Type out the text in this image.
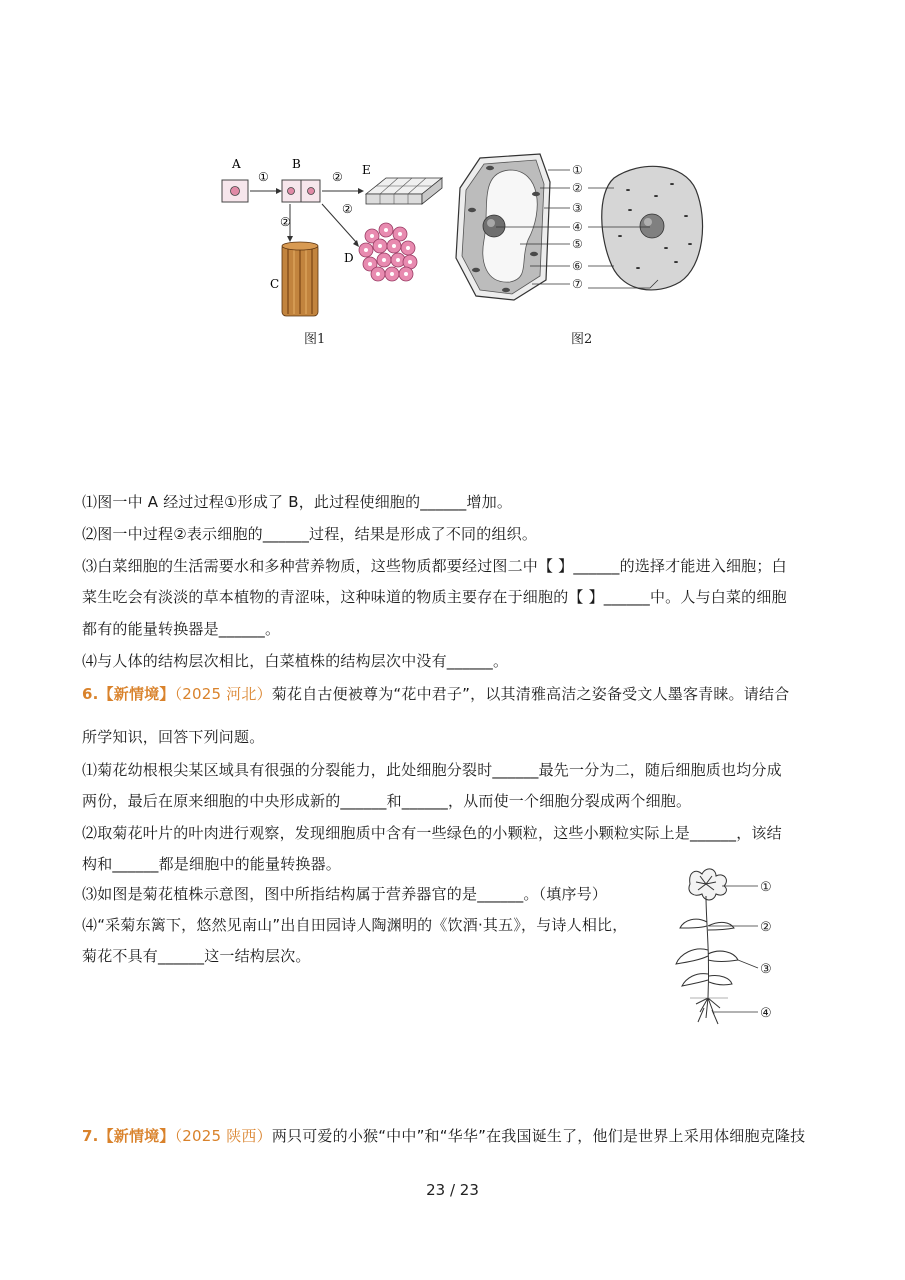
A
①
B
②
②
②
E
C
D
①
②
③
④
⑤
⑥
⑦
图1	图2
⑴图一中 A 经过过程①形成了 B，此过程使细胞的______增加。
⑵图一中过程②表示细胞的______过程，结果是形成了不同的组织。
⑶白菜细胞的生活需要水和多种营养物质，这些物质都要经过图二中【 】______的选择才能进入细胞；白
菜生吃会有淡淡的草本植物的青涩味，这种味道的物质主要存在于细胞的【 】______中。人与白菜的细胞
都有的能量转换器是______。
⑷与人体的结构层次相比，白菜植株的结构层次中没有______。
6.【新情境】（2025 河北）菊花自古便被尊为“花中君子”，以其清雅高洁之姿备受文人墨客青睐。请结合
所学知识，回答下列问题。
⑴菊花幼根根尖某区域具有很强的分裂能力，此处细胞分裂时______最先一分为二，随后细胞质也均分成
两份，最后在原来细胞的中央形成新的______和______，从而使一个细胞分裂成两个细胞。
⑵取菊花叶片的叶肉进行观察，发现细胞质中含有一些绿色的小颗粒，这些小颗粒实际上是______，该结
构和______都是细胞中的能量转换器。
⑶如图是菊花植株示意图，图中所指结构属于营养器官的是______。（填序号）
⑷“采菊东篱下，悠然见南山”出自田园诗人陶渊明的《饮酒·其五》，与诗人相比，
菊花不具有______这一结构层次。
①
②
③
④
7.【新情境】（2025 陕西）两只可爱的小猴“中中”和“华华”在我国诞生了，他们是世界上采用体细胞克隆技
23 / 23
